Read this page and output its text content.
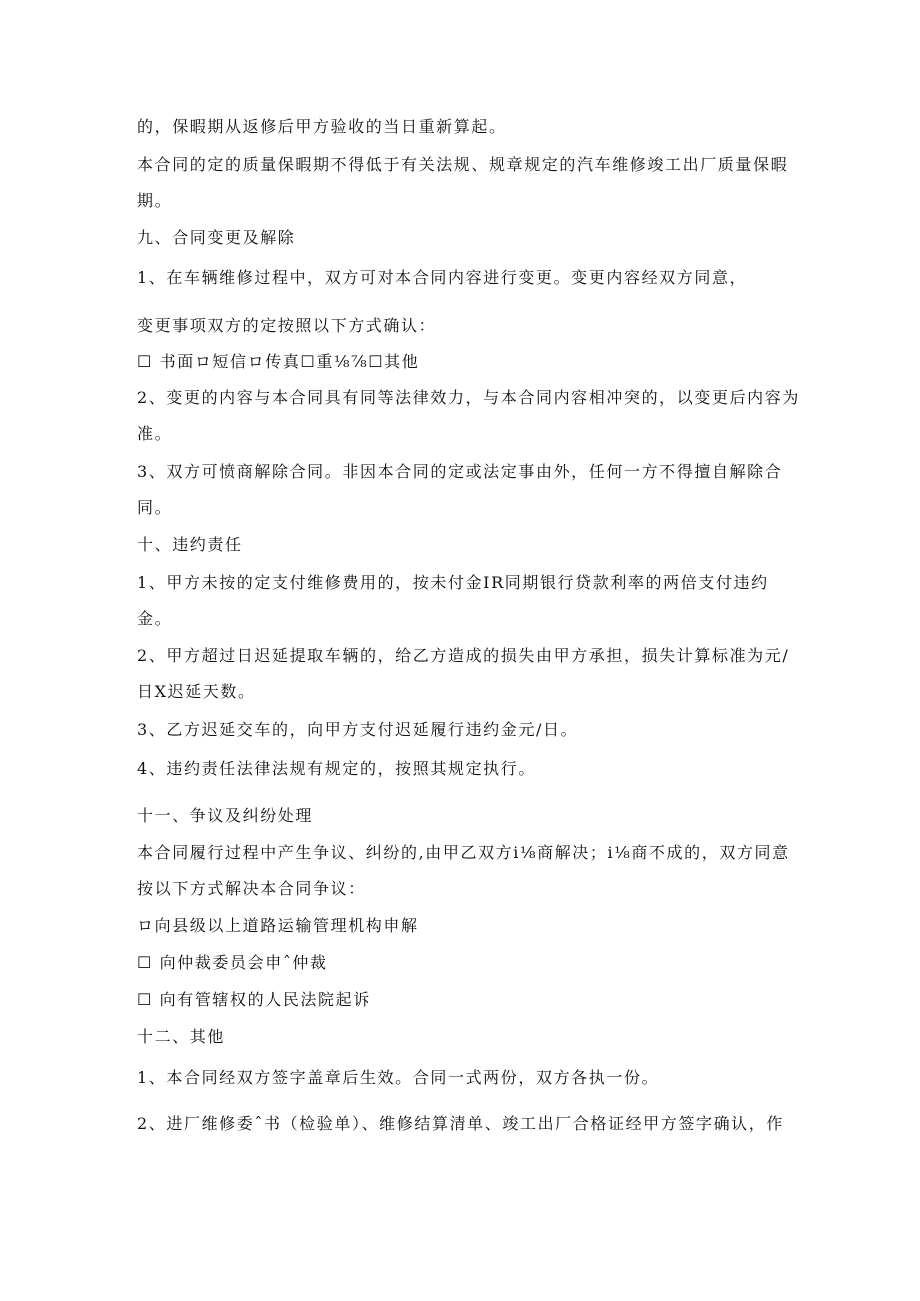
的，保暇期从返修后甲方验收的当日重新算起。
本合同的定的质量保暇期不得低于有关法规、规章规定的汽车维修竣工出厂质量保暇
期。
九、合同变更及解除
1、在车辆维修过程中，双方可对本合同内容进行变更。变更内容经双方同意，
变更事项双方的定按照以下方式确认：
☐ 书面ロ短信ロ传真☐重⅛⅞☐其他
2、变更的内容与本合同具有同等法律效力，与本合同内容相冲突的，以变更后内容为
准。
3、双方可愤商解除合同。非因本合同的定或法定事由外，任何一方不得擅自解除合
同。
十、违约责任
1、甲方未按的定支付维修费用的，按未付金IR同期银行贷款利率的两倍支付违约
金。
2、甲方超过日迟延提取车辆的，给乙方造成的损失由甲方承担，损失计算标准为元/
日X迟延天数。
3、乙方迟延交车的，向甲方支付迟延履行违约金元/日。
4、违约责任法律法规有规定的，按照其规定执行。
十一、争议及纠纷处理
本合同履行过程中产生争议、纠纷的,由甲乙双方i⅛商解决；i⅛商不成的，双方同意
按以下方式解决本合同争议：
ロ向县级以上道路运输管理机构申解
☐ 向仲裁委员会申ˆ仲裁
☐ 向有管辖权的人民法院起诉
十二、其他
1、本合同经双方签字盖章后生效。合同一式两份，双方各执一份。
2、进厂维修委ˆ书（检验单）、维修结算清单、竣工出厂合格证经甲方签字确认，作
